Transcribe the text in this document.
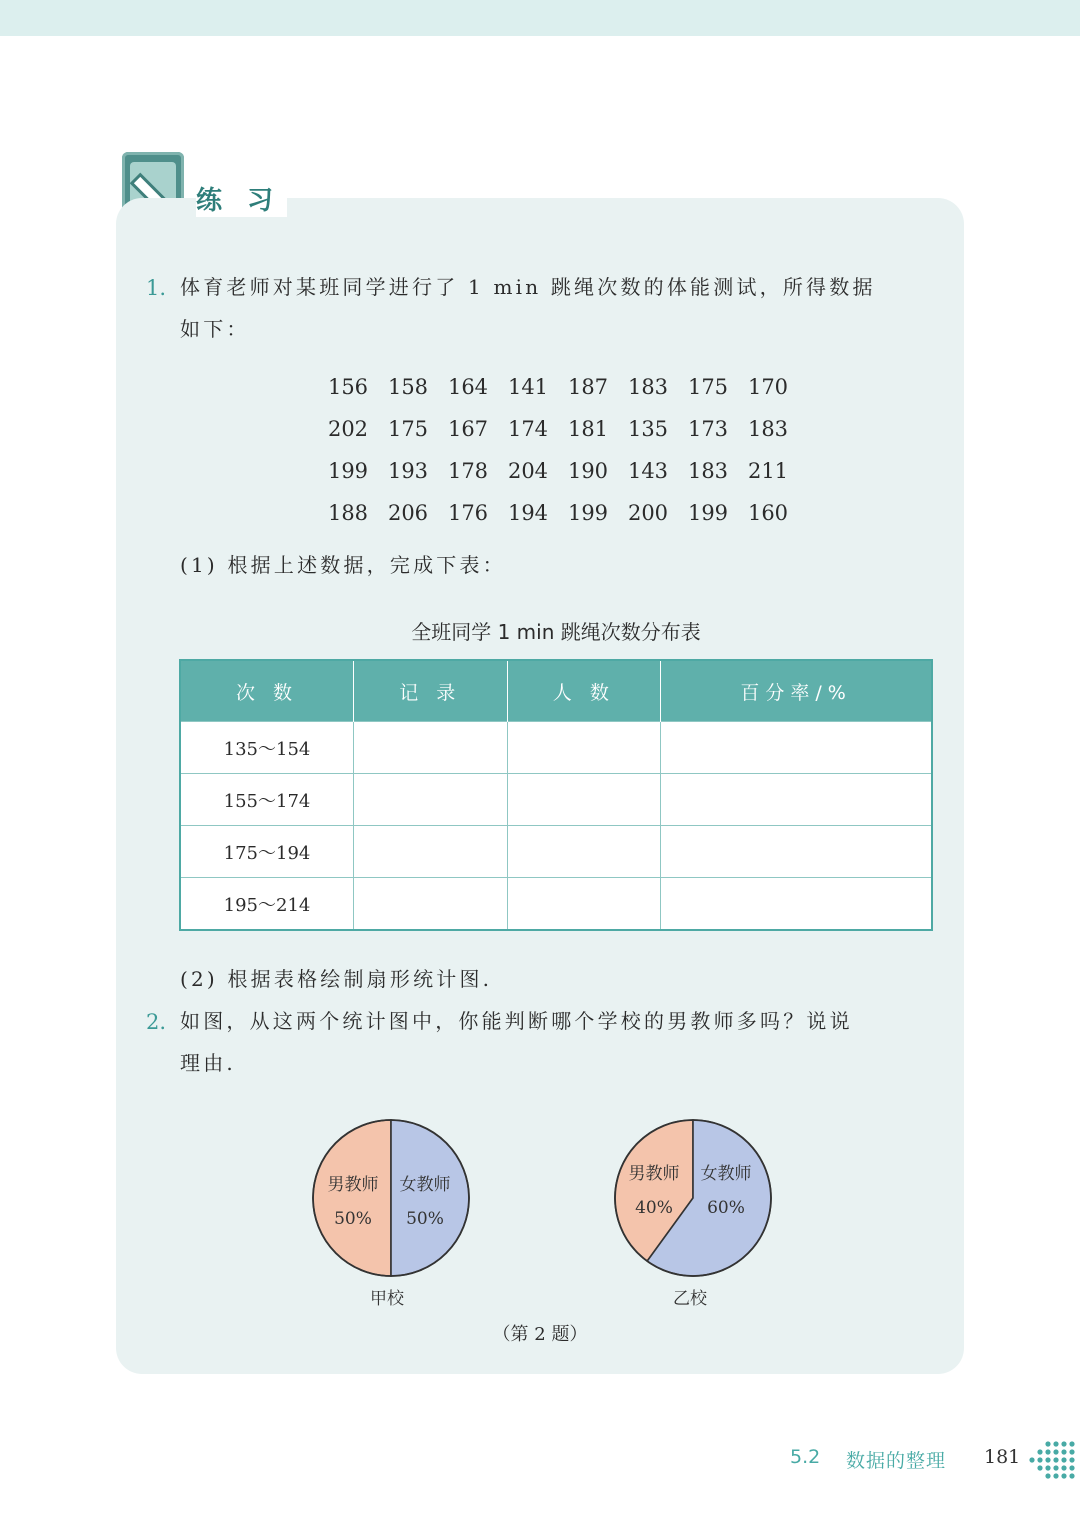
练 习
1. 体育老师对某班同学进行了 1 min 跳绳次数的体能测试，所得数据
如下：
156 158 164 141 187 183 175 170
202 175 167 174 181 135 173 183
199 193 178 204 190 143 183 211
188 206 176 194 199 200 199 160
(1) 根据上述数据，完成下表：
全班同学 1 min 跳绳次数分布表
次 数	记 录	人 数	百分率/%
135～154			
155～174			
175～194			
195～214			
(2) 根据表格绘制扇形统计图.
2. 如图，从这两个统计图中，你能判断哪个学校的男教师多吗？说说
理由.
男教师
50%
女教师
50%
甲校
男教师
40%
女教师
60%
乙校
（第 2 题）
5.2 数据的整理 181
